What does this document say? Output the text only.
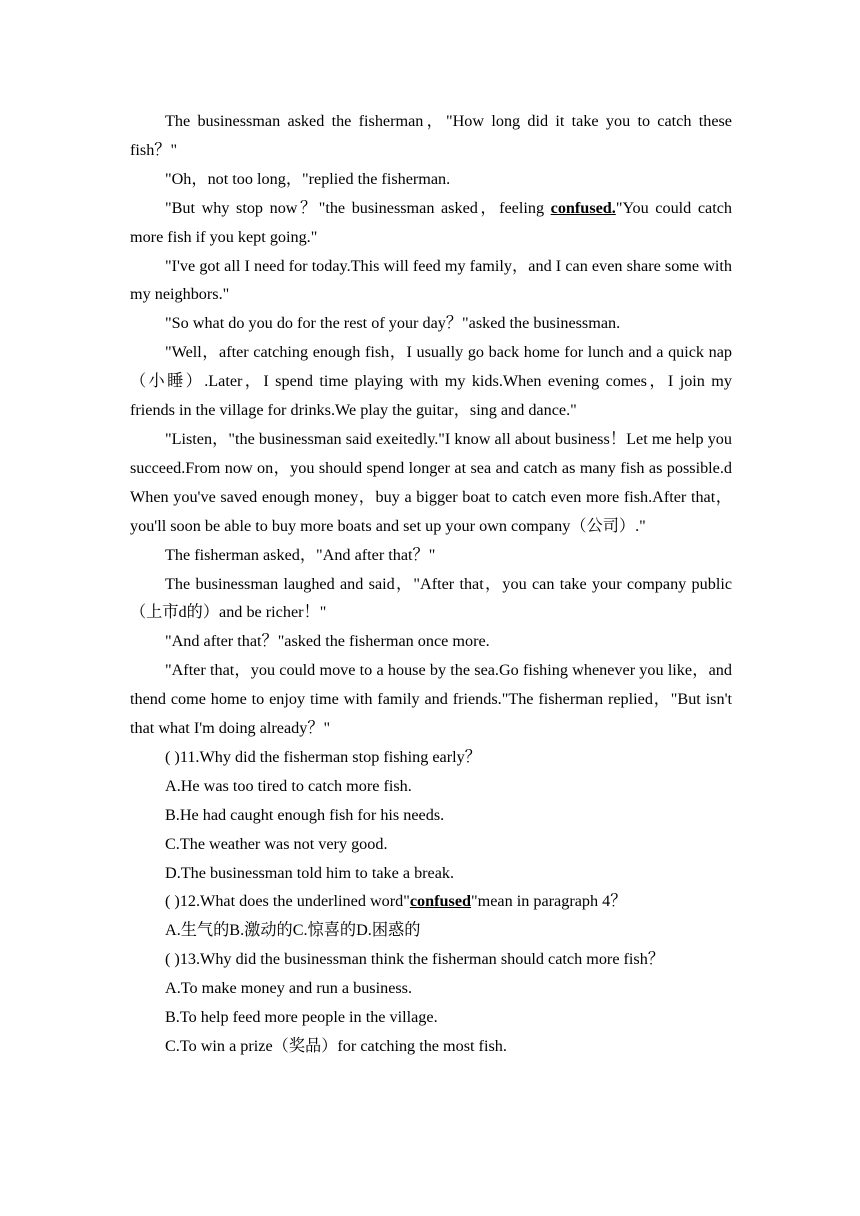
The businessman asked the fisherman，"How long did it take you to catch these fish？"

"Oh，not too long，"replied the fisherman.

"But why stop now？"the businessman asked，feeling confused."You could catch more fish if you kept going."

"I've got all I need for today.This will feed my family，and I can even share some with my neighbors."

"So what do you do for the rest of your day？"asked the businessman.

"Well，after catching enough fish，I usually go back home for lunch and a quick nap（小睡）.Later，I spend time playing with my kids.When evening comes，I join my friends in the village for drinks.We play the guitar，sing and dance."

"Listen，"the businessman said exeitedly."I know all about business！Let me help you succeed.From now on，you should spend longer at sea and catch as many fish as possible.d When you've saved enough money，buy a bigger boat to catch even more fish.After that，you'll soon be able to buy more boats and set up your own company（公司）."

The fisherman asked，"And after that？"

The businessman laughed and said，"After that，you can take your company public（上市d的）and be richer！"

"And after that？"asked the fisherman once more.

"After that，you could move to a house by the sea.Go fishing whenever you like，and thend come home to enjoy time with family and friends."The fisherman replied，"But isn't that what I'm doing already？"

( )11.Why did the fisherman stop fishing early？

A.He was too tired to catch more fish.

B.He had caught enough fish for his needs.

C.The weather was not very good.

D.The businessman told him to take a break.

( )12.What does the underlined word"confused"mean in paragraph 4？

A.生气的B.激动的C.惊喜的D.困惑的

( )13.Why did the businessman think the fisherman should catch more fish？

A.To make money and run a business.

B.To help feed more people in the village.

C.To win a prize（奖品）for catching the most fish.
